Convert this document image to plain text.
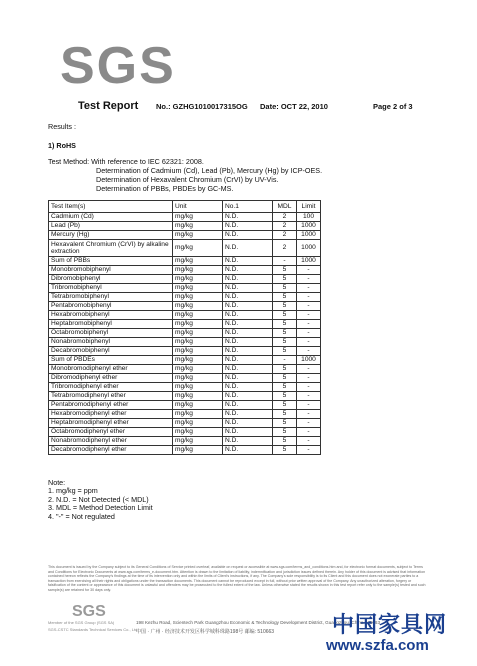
SGS
Test Report No.: GZHG1010017315OG Date: OCT 22, 2010	Page 2 of 3
Results :
1) RoHS
Test Method: With reference to IEC 62321: 2008.
Determination of Cadmium (Cd), Lead (Pb), Mercury (Hg) by ICP-OES.
Determination of Hexavalent Chromium (CrVI) by UV-Vis.
Determination of PBBs, PBDEs by GC-MS.
Test Item(s)	Unit	No.1	MDL	Limit
Cadmium (Cd)	mg/kg	N.D.	2	100
Lead (Pb)	mg/kg	N.D.	2	1000
Mercury (Hg)	mg/kg	N.D.	2	1000
Hexavalent Chromium (CrVI) by alkaline extraction	mg/kg	N.D.	2	1000
Sum of PBBs	mg/kg	N.D.	-	1000
Monobromobiphenyl	mg/kg	N.D.	5	-
Dibromobiphenyl	mg/kg	N.D.	5	-
Tribromobiphenyl	mg/kg	N.D.	5	-
Tetrabromobiphenyl	mg/kg	N.D.	5	-
Pentabromobiphenyl	mg/kg	N.D.	5	-
Hexabromobiphenyl	mg/kg	N.D.	5	-
Heptabromobiphenyl	mg/kg	N.D.	5	-
Octabromobiphenyl	mg/kg	N.D.	5	-
Nonabromobiphenyl	mg/kg	N.D.	5	-
Decabromobiphenyl	mg/kg	N.D.	5	-
Sum of PBDEs	mg/kg	N.D.	-	1000
Monobromodiphenyl ether	mg/kg	N.D.	5	-
Dibromodiphenyl ether	mg/kg	N.D.	5	-
Tribromodiphenyl ether	mg/kg	N.D.	5	-
Tetrabromodiphenyl ether	mg/kg	N.D.	5	-
Pentabromodiphenyl ether	mg/kg	N.D.	5	-
Hexabromodiphenyl ether	mg/kg	N.D.	5	-
Heptabromodiphenyl ether	mg/kg	N.D.	5	-
Octabromodiphenyl ether	mg/kg	N.D.	5	-
Nonabromodiphenyl ether	mg/kg	N.D.	5	-
Decabromodiphenyl ether	mg/kg	N.D.	5	-
Note:
1. mg/kg = ppm
2. N.D. = Not Detected (< MDL)
3. MDL = Method Detection Limit
4. "-" = Not regulated
This document is issued by the Company subject to its General Conditions of Service printed overleaf, available on request or accessible at www.sgs.com/terms_and_conditions.htm and, for electronic format documents, subject to Terms and Conditions for Electronic Documents at www.sgs.com/terms_e-document.htm. Attention is drawn to the limitation of liability, indemnification and jurisdiction issues defined therein. Any holder of this document is advised that information contained hereon reflects the Company's findings at the time of its intervention only and within the limits of Client's instructions, if any. The Company's sole responsibility is to its Client and this document does not exonerate parties to a transaction from exercising all their rights and obligations under the transaction documents. This document cannot be reproduced except in full, without prior written approval of the Company. Any unauthorized alteration, forgery or falsification of the content or appearance of this document is unlawful and offenders may be prosecuted to the fullest extent of the law. Unless otherwise stated the results shown in this test report refer only to the sample(s) tested and such sample(s) are retained for 30 days only.
SGS
Member of the SGS Group (SGS SA)
SGS-CSTC Standards Technical Services Co., Ltd.
198 Kezhu Road, Scientech Park Guangzhou Economic & Technology Development District, Guangzhou, China 510663
中国 · 广州 · 经济技术开发区科学城科珠路198号 邮编: 510663	中国家具网
www.szfa.com
